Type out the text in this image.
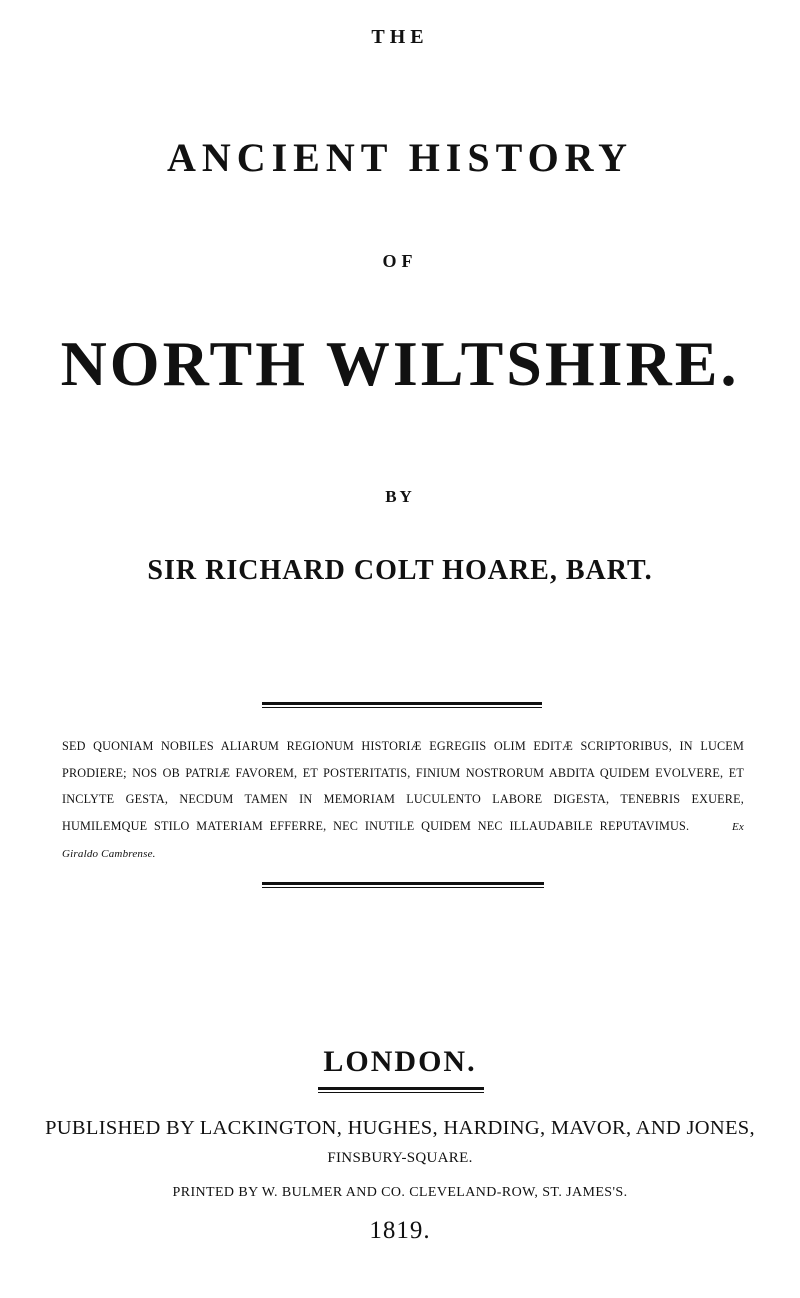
THE
ANCIENT HISTORY
OF
NORTH WILTSHIRE.
BY
SIR RICHARD COLT HOARE, BART.
SED QUONIAM NOBILES ALIARUM REGIONUM HISTORIÆ EGREGIIS OLIM EDITÆ SCRIPTORIBUS, IN LUCEM PRODIERE; NOS OB PATRIÆ FAVOREM, ET POSTERITATIS, FINIUM NOSTRORUM ABDITA QUIDEM EVOLVERE, ET INCLYTE GESTA, NECDUM TAMEN IN MEMORIAM LUCULENTO LABORE DIGESTA, TENEBRIS EXUERE, HUMILEMQUE STILO MATERIAM EFFERRE, NEC INUTILE QUIDEM NEC ILLAUDABILE REPUTAVIMUS.	Ex Giraldo Cambrense.
LONDON.
PUBLISHED BY LACKINGTON, HUGHES, HARDING, MAVOR, AND JONES,
FINSBURY-SQUARE.
PRINTED BY W. BULMER AND CO. CLEVELAND-ROW, ST. JAMES'S.
1819.
